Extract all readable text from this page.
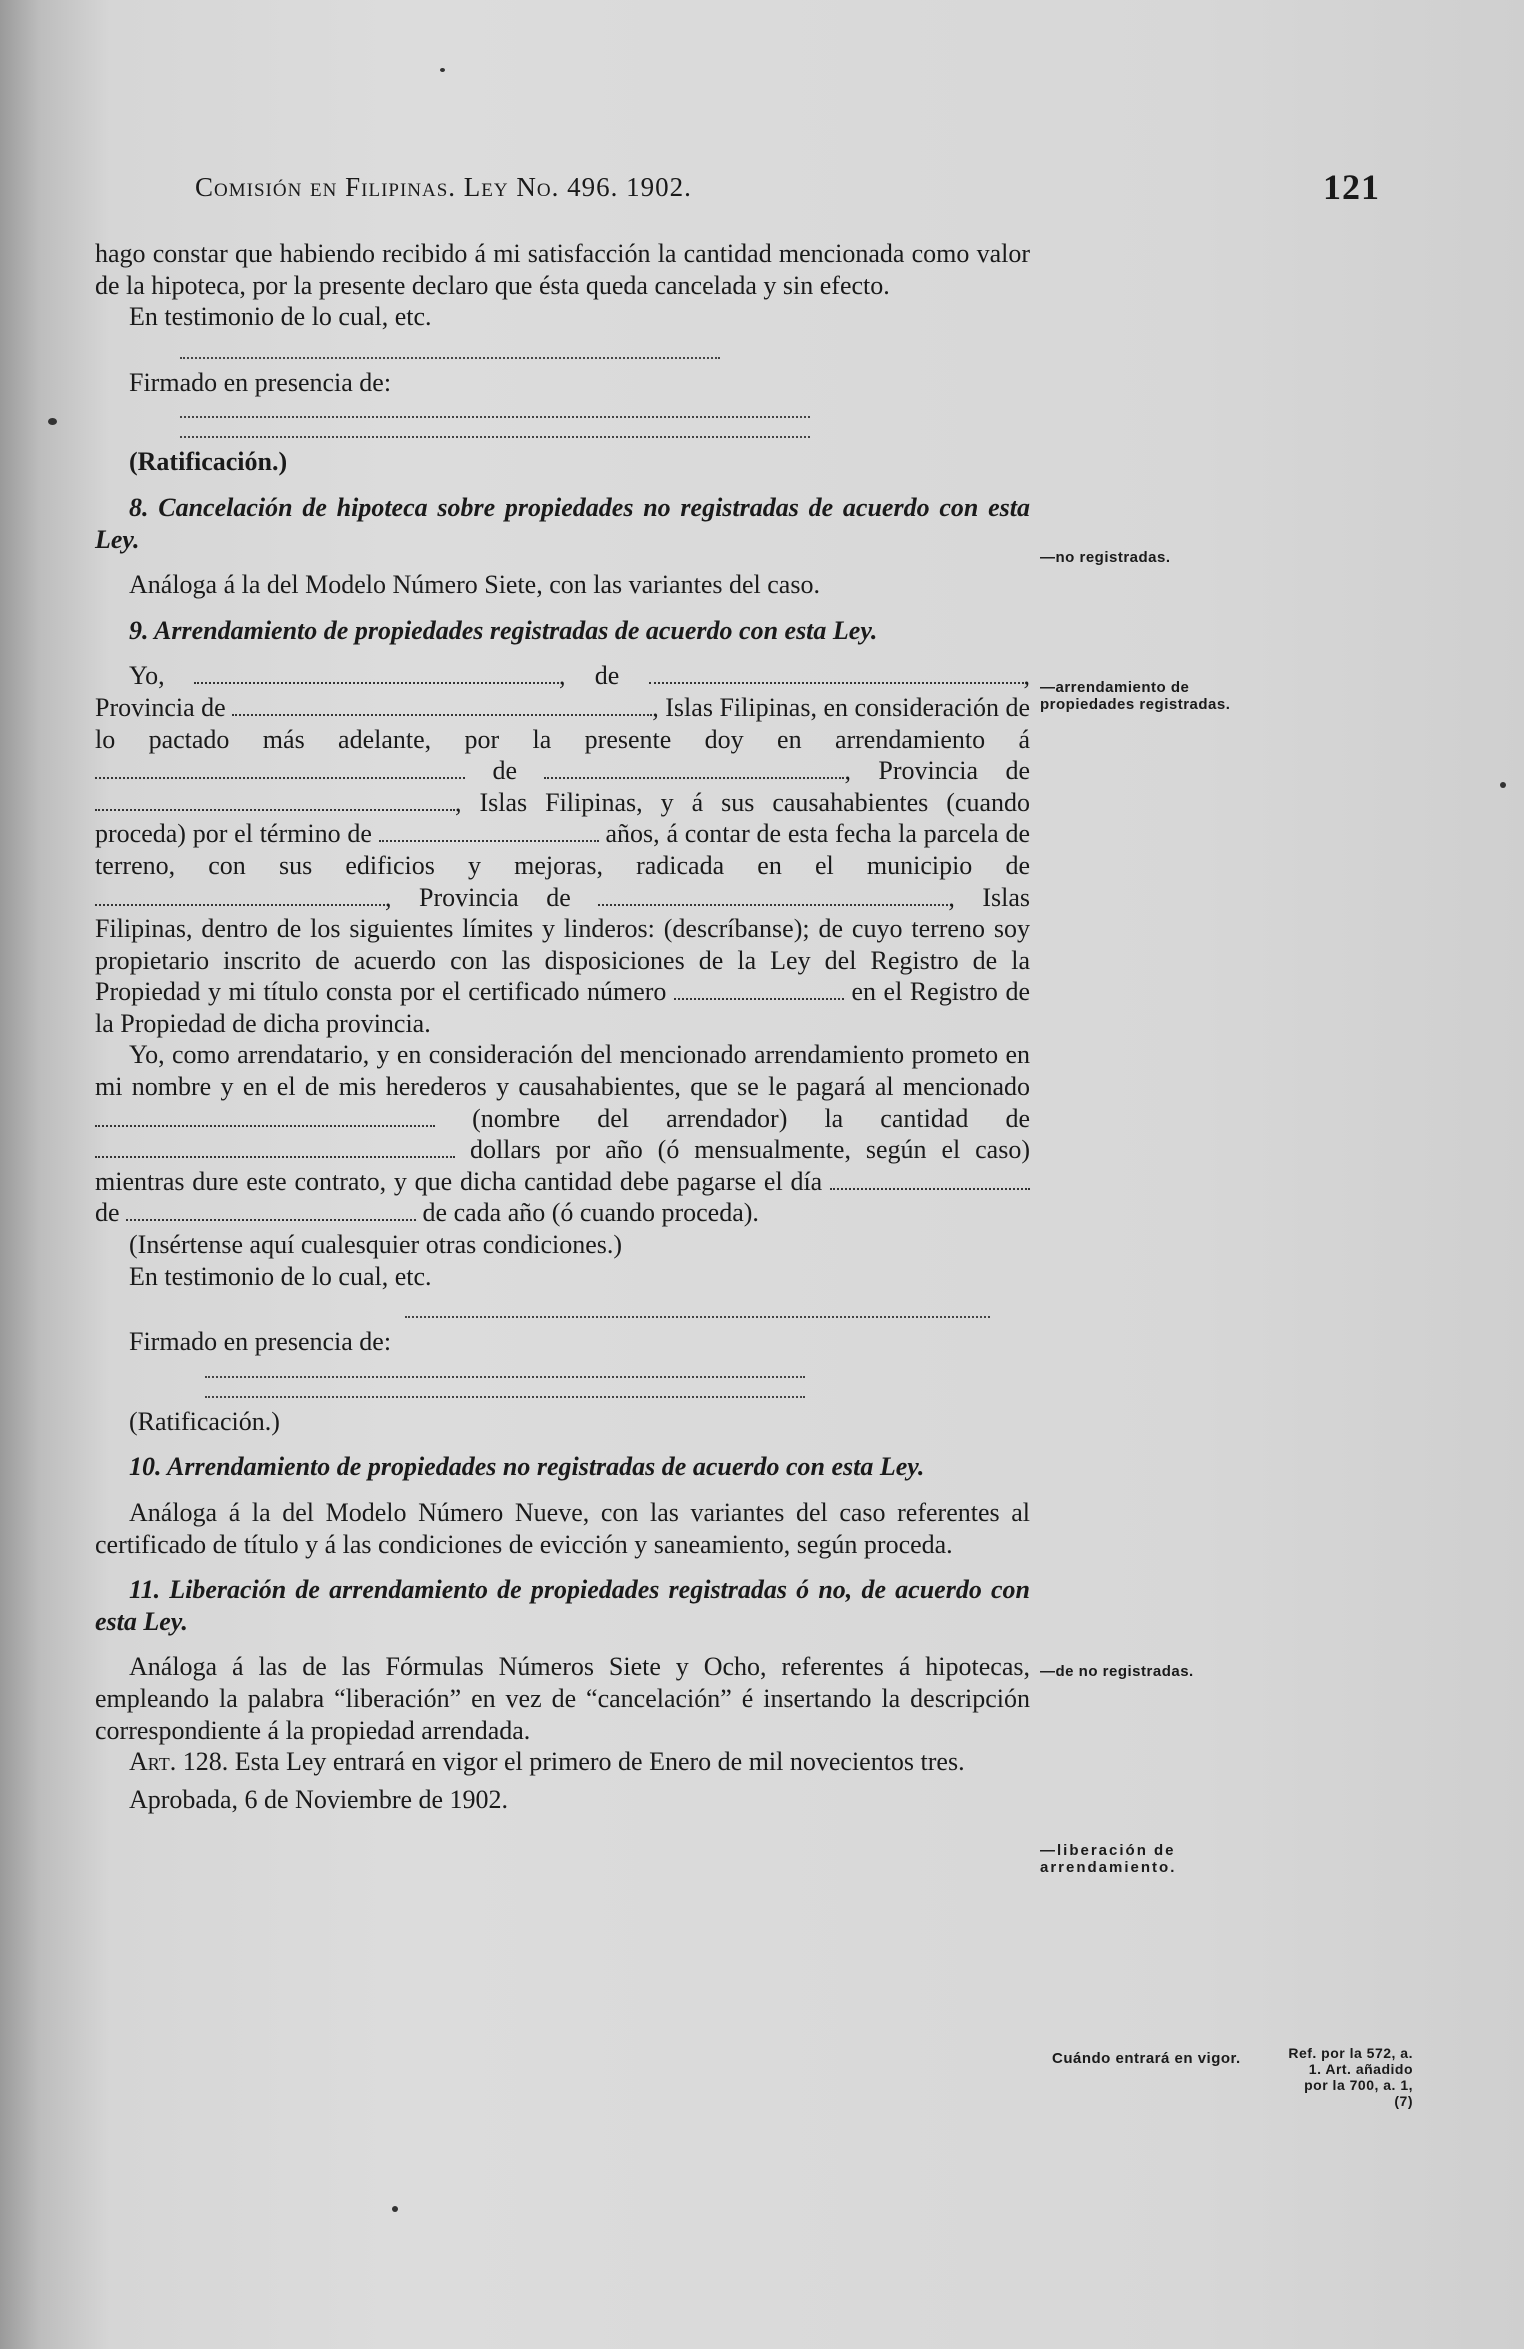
Comisión en Filipinas. Ley No. 496. 1902.	121

hago constar que habiendo recibido á mi satisfacción la cantidad mencionada como valor de la hipoteca, por la presente declaro que ésta queda cancelada y sin efecto.

En testimonio de lo cual, etc.

Firmado en presencia de:

(Ratificación.)

8. Cancelación de hipoteca sobre propiedades no registradas de acuerdo con esta Ley.

Análoga á la del Modelo Número Siete, con las variantes del caso.

9. Arrendamiento de propiedades registradas de acuerdo con esta Ley.

Yo,	, de	, Provincia de	, Islas Filipinas, en consideración de lo pactado más adelante, por la presente doy en arrendamiento á  de	, Provincia de , Islas Filipinas, y á sus causahabientes (cuando proceda) por el término de	años, á contar de esta fecha la parcela de terreno, con sus edificios y mejoras, radicada en el municipio de , Provincia de	, Islas Filipinas, dentro de los siguientes límites y linderos: (descríbanse); de cuyo terreno soy propietario inscrito de acuerdo con las disposiciones de la Ley del Registro de la Propiedad y mi título consta por el certificado número	en el Registro de la Propiedad de dicha provincia.

Yo, como arrendatario, y en consideración del mencionado arrendamiento prometo en mi nombre y en el de mis herederos y causahabientes, que se le pagará al mencionado  (nombre del arrendador) la cantidad de  dollars por año (ó mensualmente, según el caso) mientras dure este contrato, y que dicha cantidad debe pagarse el día  de	de cada año (ó cuando proceda).

(Insértense aquí cualesquier otras condiciones.)

En testimonio de lo cual, etc.

Firmado en presencia de:

(Ratificación.)

10. Arrendamiento de propiedades no registradas de acuerdo con esta Ley.

Análoga á la del Modelo Número Nueve, con las variantes del caso referentes al certificado de título y á las condiciones de evicción y saneamiento, según proceda.

11. Liberación de arrendamiento de propiedades registradas ó no, de acuerdo con esta Ley.

Análoga á las de las Fórmulas Números Siete y Ocho, referentes á hipotecas, empleando la palabra “liberación” en vez de “cancelación” é insertando la descripción correspondiente á la propiedad arrendada.

Art. 128. Esta Ley entrará en vigor el primero de Enero de mil novecientos tres.

Aprobada, 6 de Noviembre de 1902.

—no registradas.
—arrendamiento de propiedades registradas.
—de no registradas.
—liberación de arrendamiento.
Cuándo entrará en vigor.	Ref. por la 572, a. 1. Art. añadido por la 700, a. 1, (7)
